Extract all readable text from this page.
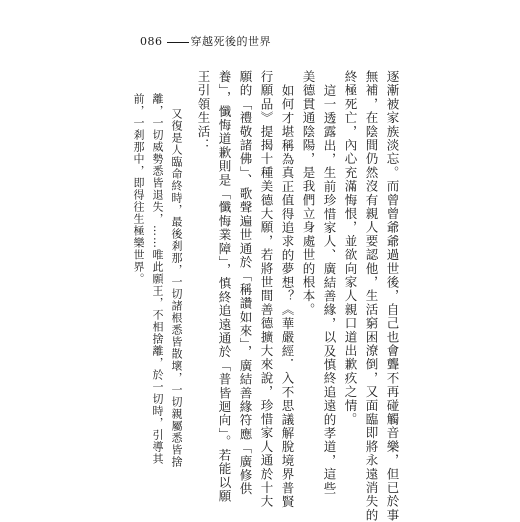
086	穿越死後的世界
逐漸被家族淡忘。而曾曾爺爺過世後，自己也會聾不再碰觸音樂，但已於事
無補，在陰間仍然沒有親人要認他，生活窮困潦倒，又面臨即將永遠消失的
終極死亡，內心充滿悔恨，並欲向家人親口道出歉疚之情。
這一透露出，生前珍惜家人、廣結善緣，以及慎終追遠的孝道，這些
美德貫通陰陽，是我們立身處世的根本。
如何才堪稱為真正值得追求的夢想？《華嚴經．入不思議解脫境界普賢
行願品》提揭十種美德大願，若將世間善德擴大來說，珍惜家人通於十大
願的「禮敬諸佛」、歌聲遍世通於「稱讚如來」，廣結善緣符應「廣修供
養」，懺悔道歉則是「懺悔業障」，慎終追遠通於「普皆迴向」。若能以願
王引領生活：
又復是人臨命終時，最後剎那，一切諸根悉皆散壞，一切親屬悉皆捨
離，一切威勢悉皆退失，……唯此願王，不相捨離，於一切時，引導其
前，一剎那中，即得往生極樂世界。
